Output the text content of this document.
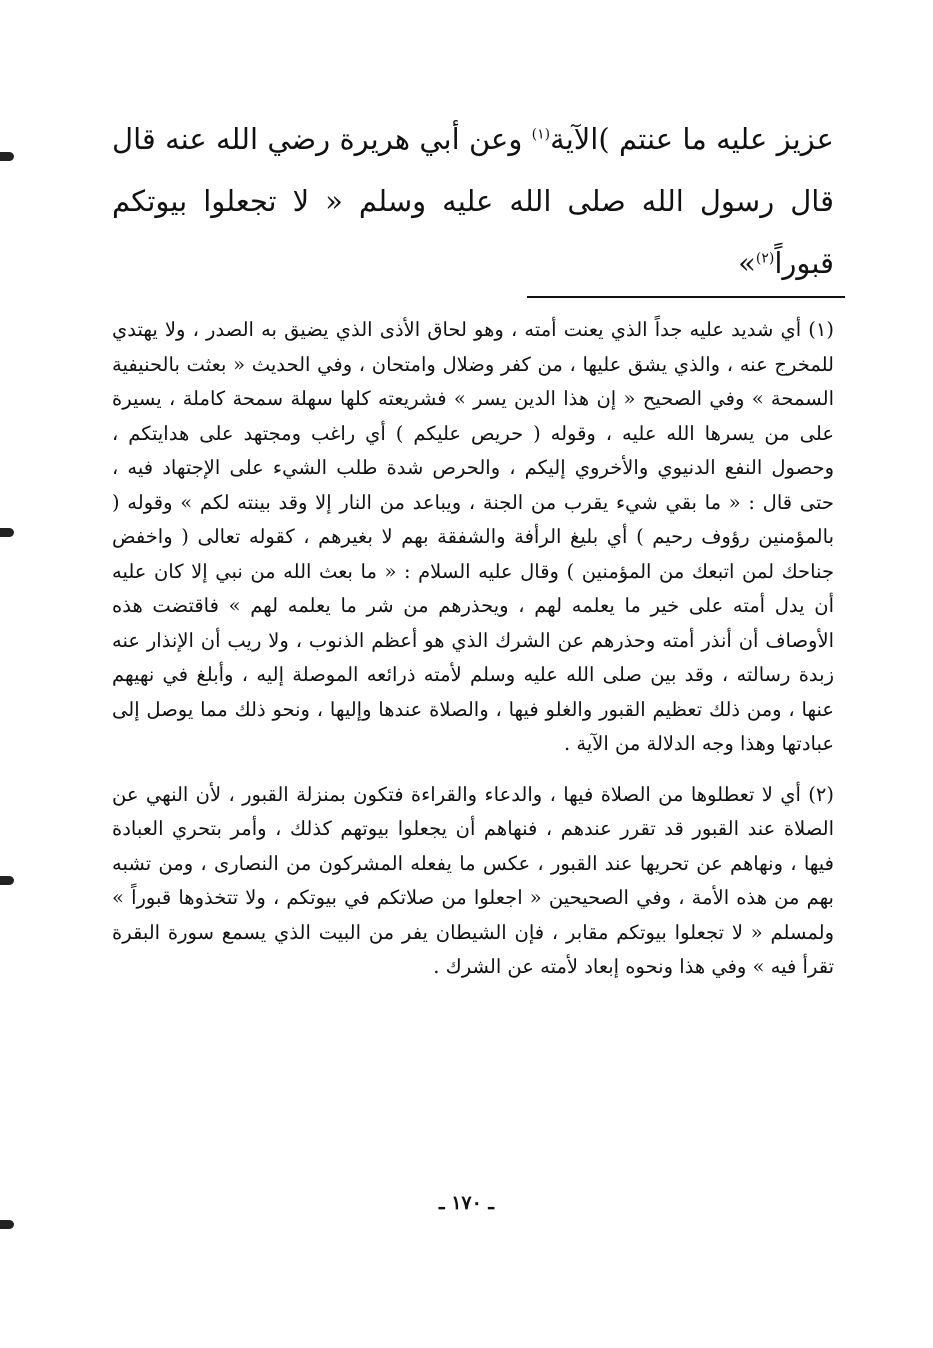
عزيز عليه ما عنتم )الآية$^{(١)}$ وعن أبي هريرة رضي الله عنه قال قال رسول الله صلى الله عليه وسلم « لا تجعلوا بيوتكم قبوراً$^{(٢)}$»

(١) أي شديد عليه جداً الذي يعنت أمته ، وهو لحاق الأذى الذي يضيق به الصدر ، ولا يهتدي للمخرج عنه ، والذي يشق عليها ، من كفر وضلال وامتحان ، وفي الحديث « بعثت بالحنيفية السمحة » وفي الصحيح « إن هذا الدين يسر » فشريعته كلها سهلة سمحة كاملة ، يسيرة على من يسرها الله عليه ، وقوله ( حريص عليكم ) أي راغب ومجتهد على هدايتكم ، وحصول النفع الدنيوي والأخروي إليكم ، والحرص شدة طلب الشيء على الإجتهاد فيه ، حتى قال : « ما بقي شيء يقرب من الجنة ، ويباعد من النار إلا وقد بينته لكم » وقوله ( بالمؤمنين رؤوف رحيم ) أي بليغ الرأفة والشفقة بهم لا بغيرهم ، كقوله تعالى ( واخفض جناحك لمن اتبعك من المؤمنين ) وقال عليه السلام : « ما بعث الله من نبي إلا كان عليه أن يدل أمته على خير ما يعلمه لهم ، ويحذرهم من شر ما يعلمه لهم » فاقتضت هذه الأوصاف أن أنذر أمته وحذرهم عن الشرك الذي هو أعظم الذنوب ، ولا ريب أن الإنذار عنه زبدة رسالته ، وقد بين صلى الله عليه وسلم لأمته ذرائعه الموصلة إليه ، وأبلغ في نهيهم عنها ، ومن ذلك تعظيم القبور والغلو فيها ، والصلاة عندها وإليها ، ونحو ذلك مما يوصل إلى عبادتها وهذا وجه الدلالة من الآية .

(٢) أي لا تعطلوها من الصلاة فيها ، والدعاء والقراءة فتكون بمنزلة القبور ، لأن النهي عن الصلاة عند القبور قد تقرر عندهم ، فنهاهم أن يجعلوا بيوتهم كذلك ، وأمر بتحري العبادة فيها ، ونهاهم عن تحريها عند القبور ، عكس ما يفعله المشركون من النصارى ، ومن تشبه بهم من هذه الأمة ، وفي الصحيحين « اجعلوا من صلاتكم في بيوتكم ، ولا تتخذوها قبوراً » ولمسلم « لا تجعلوا بيوتكم مقابر ، فإن الشيطان يفر من البيت الذي يسمع سورة البقرة تقرأ فيه » وفي هذا ونحوه إبعاد لأمته عن الشرك .

ـ ١٧٠ ـ
